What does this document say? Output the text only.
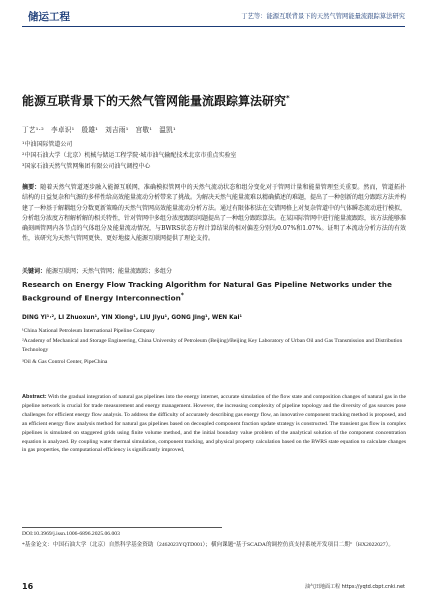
储运工程	丁艺等：能源互联背景下的天然气管网能量流跟踪算法研究
能源互联背景下的天然气管网能量流跟踪算法研究*
丁艺¹·²　李卓识¹　殷雄¹　刘吉雨¹　宫敬¹　温凯¹
¹中油国际管道公司
²中国石油大学（北京）机械与储运工程学院·城市油气输配技术北京市重点实验室
³国家石油天然气管网集团有限公司油气调控中心
摘要：随着天然气管道逐步融入能源互联网，准确模拟管网中的天然气流动状态和组分变化对于管网计量和能量管理至关重要。然而，管道拓扑结构的日益复杂和气源的多样性给高效能量流动分析带来了挑战。为解决天然气能量流难以精确描述的难题，提出了一种创新的组分跟踪方法并构建了一种基于解耦组分分数更新策略的天然气管网高效能量流动分析方法。通过有限体积法在交错网格上对复杂管道中的气体瞬态流动进行模拟，分析组分浓度方程解析解的相关特性，针对管网中多组分浓度跟踪问题提出了一种组分跟踪算法。在某国际管网中进行能量流跟踪，该方法能够准确刻画管网内各节点的气体组分及能量流动情况，与BWRS状态方程计算结果的相对偏差分别为0.07%和1.07%。证明了本流动分析方法的有效性，该研究为天然气管网更快、更好地接入能源互联网提供了理论支持。
关键词：能源互联网；天然气管网；能量流跟踪；多组分
Research on Energy Flow Tracking Algorithm for Natural Gas Pipeline Networks under the Background of Energy Interconnection*
DING Yi¹·², LI Zhuoxun¹, YIN Xiong¹, LIU Jiyu¹, GONG Jing¹, WEN Kai¹
¹China National Petroleum International Pipeline Company
²Academy of Mechanical and Storage Engineering, China University of Petroleum (Beijing)/Beijing Key Laboratory of Urban Oil and Gas Transmission and Distribution Technology
³Oil & Gas Control Center, PipeChina
Abstract: With the gradual integration of natural gas pipelines into the energy internet, accurate simulation of the flow state and composition changes of natural gas in the pipeline network is crucial for trade measurement and energy management. However, the increasing complexity of pipeline topology and the diversity of gas sources pose challenges for efficient energy flow analysis. To address the difficulty of accurately describing gas energy flow, an innovative component tracking method is proposed, and an efficient energy flow analysis method for natural gas pipelines based on decoupled component fraction update strategy is constructed. The transient gas flow in complex pipelines is simulated on staggered grids using finite volume method, and the initial boundary value problem of the analytical solution of the component concentration equation is analyzed. By coupling water thermal simulation, component tracking, and physical property calculation based on the BWRS state equation to calculate changes in gas properties, the computational efficiency is significantly improved,
DOI:10.3969/j.issn.1006-6896.2025.06.003
*基金论文：中国石油大学（北京）自然科学基金资助（2462023YQTD001）；横向课题“基于SCADA的调控仿真支持系统开发项目二期”（HX2022027）。
16	油气田地面工程 https://yqtd.cbpt.cnki.net
